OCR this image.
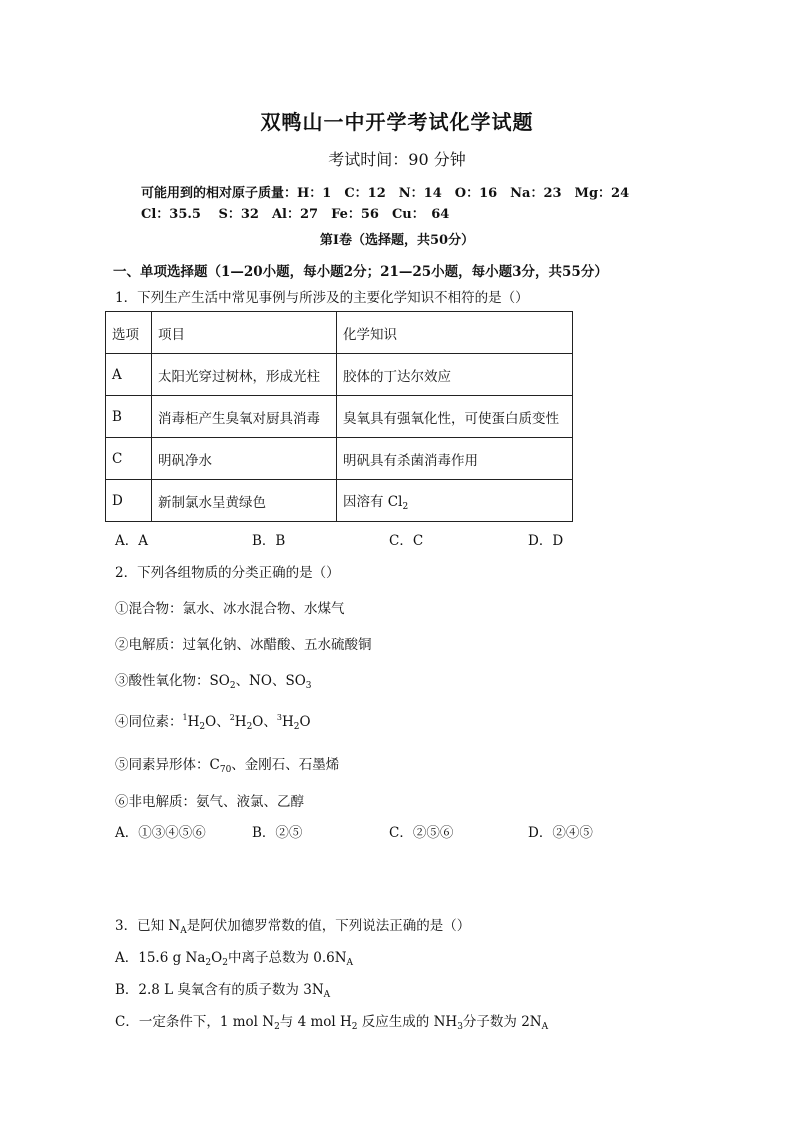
双鸭山一中开学考试化学试题
考试时间：90 分钟
可能用到的相对原子质量：H：1　C：12　N：14　O：16　Na：23　Mg：24
Cl：35.5　 S：32　Al：27　Fe：56　Cu：　64
第Ⅰ卷（选择题，共50分）
一、单项选择题（1—20小题，每小题2分；21—25小题，每小题3分，共55分）
1．下列生产生活中常见事例与所涉及的主要化学知识不相符的是（）
选项	项目	化学知识
A	太阳光穿过树林，形成光柱	胶体的丁达尔效应
B	消毒柜产生臭氧对厨具消毒	臭氧具有强氧化性，可使蛋白质变性
C	明矾净水	明矾具有杀菌消毒作用
D	新制氯水呈黄绿色	因溶有 $Cl_2$
A．A	B．B	C．C	D．D
2．下列各组物质的分类正确的是（）
①混合物：氯水、冰水混合物、水煤气
②电解质：过氧化钠、冰醋酸、五水硫酸铜
③酸性氧化物：$SO_2$、NO、$SO_3$
④同位素：$^1H_2O$、$^2H_2O$、$^3H_2O$
⑤同素异形体：$C_{70}$、金刚石、石墨烯
⑥非电解质：氨气、液氯、乙醇
A．①③④⑤⑥	B．②⑤	C．②⑤⑥	D．②④⑤
3．已知 $N_A$是阿伏加德罗常数的值，下列说法正确的是（）
A．15.6 g $Na_2O_2$中离子总数为 $0.6N_A$
B．2.8 L 臭氧含有的质子数为 $3N_A$
C．一定条件下，1 mol $N_2$与 4 mol $H_2$ 反应生成的 $NH_3$分子数为 $2N_A$
